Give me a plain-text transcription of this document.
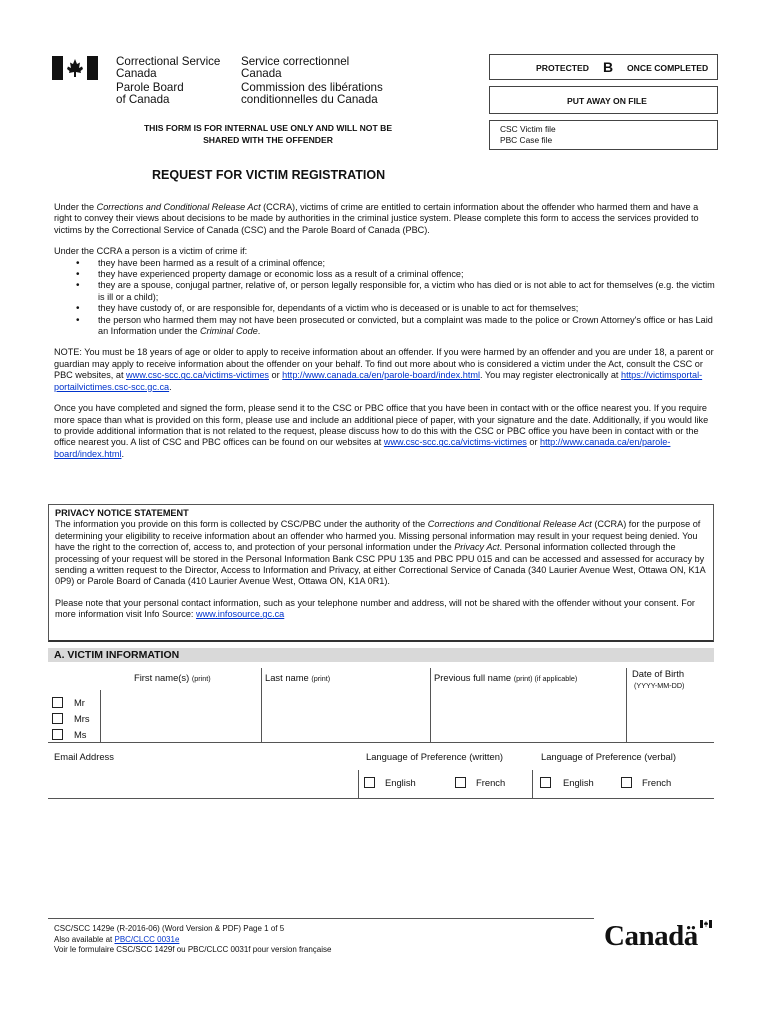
Correctional Service
Canada
Parole Board
of Canada
Service correctionnel
Canada
Commission des libérations
conditionnelles du Canada
THIS FORM IS FOR INTERNAL USE ONLY AND WILL NOT BE
SHARED WITH THE OFFENDER
PROTECTED B ONCE COMPLETED
PUT AWAY ON FILE
CSC Victim file
PBC Case file
REQUEST FOR VICTIM REGISTRATION

Under the Corrections and Conditional Release Act (CCRA), victims of crime are entitled to certain information about the offender who harmed them and have a right to convey their views about decisions to be made by authorities in the criminal justice system. Please complete this form to access the services provided to victims by the Correctional Service of Canada (CSC) and the Parole Board of Canada (PBC).

Under the CCRA a person is a victim of crime if:

• they have been harmed as a result of a criminal offence;
• they have experienced property damage or economic loss as a result of a criminal offence;
• they are a spouse, conjugal partner, relative of, or person legally responsible for, a victim who has died or is not able to act for themselves (e.g. the victim is ill or a child);
• they have custody of, or are responsible for, dependants of a victim who is deceased or is unable to act for themselves;
• the person who harmed them may not have been prosecuted or convicted, but a complaint was made to the police or Crown Attorney's office or has Laid an Information under the Criminal Code.

NOTE: You must be 18 years of age or older to apply to receive information about an offender. If you were harmed by an offender and you are under 18, a parent or guardian may apply to receive information about the offender on your behalf. To find out more about who is considered a victim under the Act, consult the CSC or PBC websites, at www.csc-scc.gc.ca/victims-victimes or http://www.canada.ca/en/parole-board/index.html. You may register electronically at https://victimsportal-portailvictimes.csc-scc.gc.ca.

Once you have completed and signed the form, please send it to the CSC or PBC office that you have been in contact with or the office nearest you. If you require more space than what is provided on this form, please use and include an additional piece of paper, with your signature and the date. Additionally, if you would like to provide additional information that is not related to the request, please discuss how to do this with the CSC or PBC office you have been in contact with or the office nearest you. A list of CSC and PBC offices can be found on our websites at www.csc-scc.gc.ca/victims-victimes or http://www.canada.ca/en/parole-board/index.html.

PRIVACY NOTICE STATEMENT
The information you provide on this form is collected by CSC/PBC under the authority of the Corrections and Conditional Release Act (CCRA) for the purpose of determining your eligibility to receive information about an offender who harmed you. Missing personal information may result in your request being denied. You have the right to the correction of, access to, and protection of your personal information under the Privacy Act. Personal information collected through the processing of your request will be stored in the Personal Information Bank CSC PPU 135 and PBC PPU 015 and can be accessed and assessed for accuracy by sending a written request to the Director, Access to Information and Privacy, at either Correctional Service of Canada (340 Laurier Avenue West, Ottawa ON, K1A 0P9) or Parole Board of Canada (410 Laurier Avenue West, Ottawa ON, K1A 0R1).
Please note that your personal contact information, such as your telephone number and address, will not be shared with the offender without your consent. For more information visit Info Source: www.infosource.gc.ca
A. VICTIM INFORMATION
First name(s) (print)	Last name (print)	Previous full name (print) (if applicable)	Date of Birth
(YYYY-MM-DD)
Mr
Mrs
Ms
Email Address	Language of Preference (written)	Language of Preference (verbal)
English	French	English	French
CSC/SCC 1429e (R-2016-06) (Word Version & PDF) Page 1 of 5
Also available at PBC/CLCC 0031e
Voir le formulaire CSC/SCC 1429f ou PBC/CLCC 0031f pour version française	Canadä
